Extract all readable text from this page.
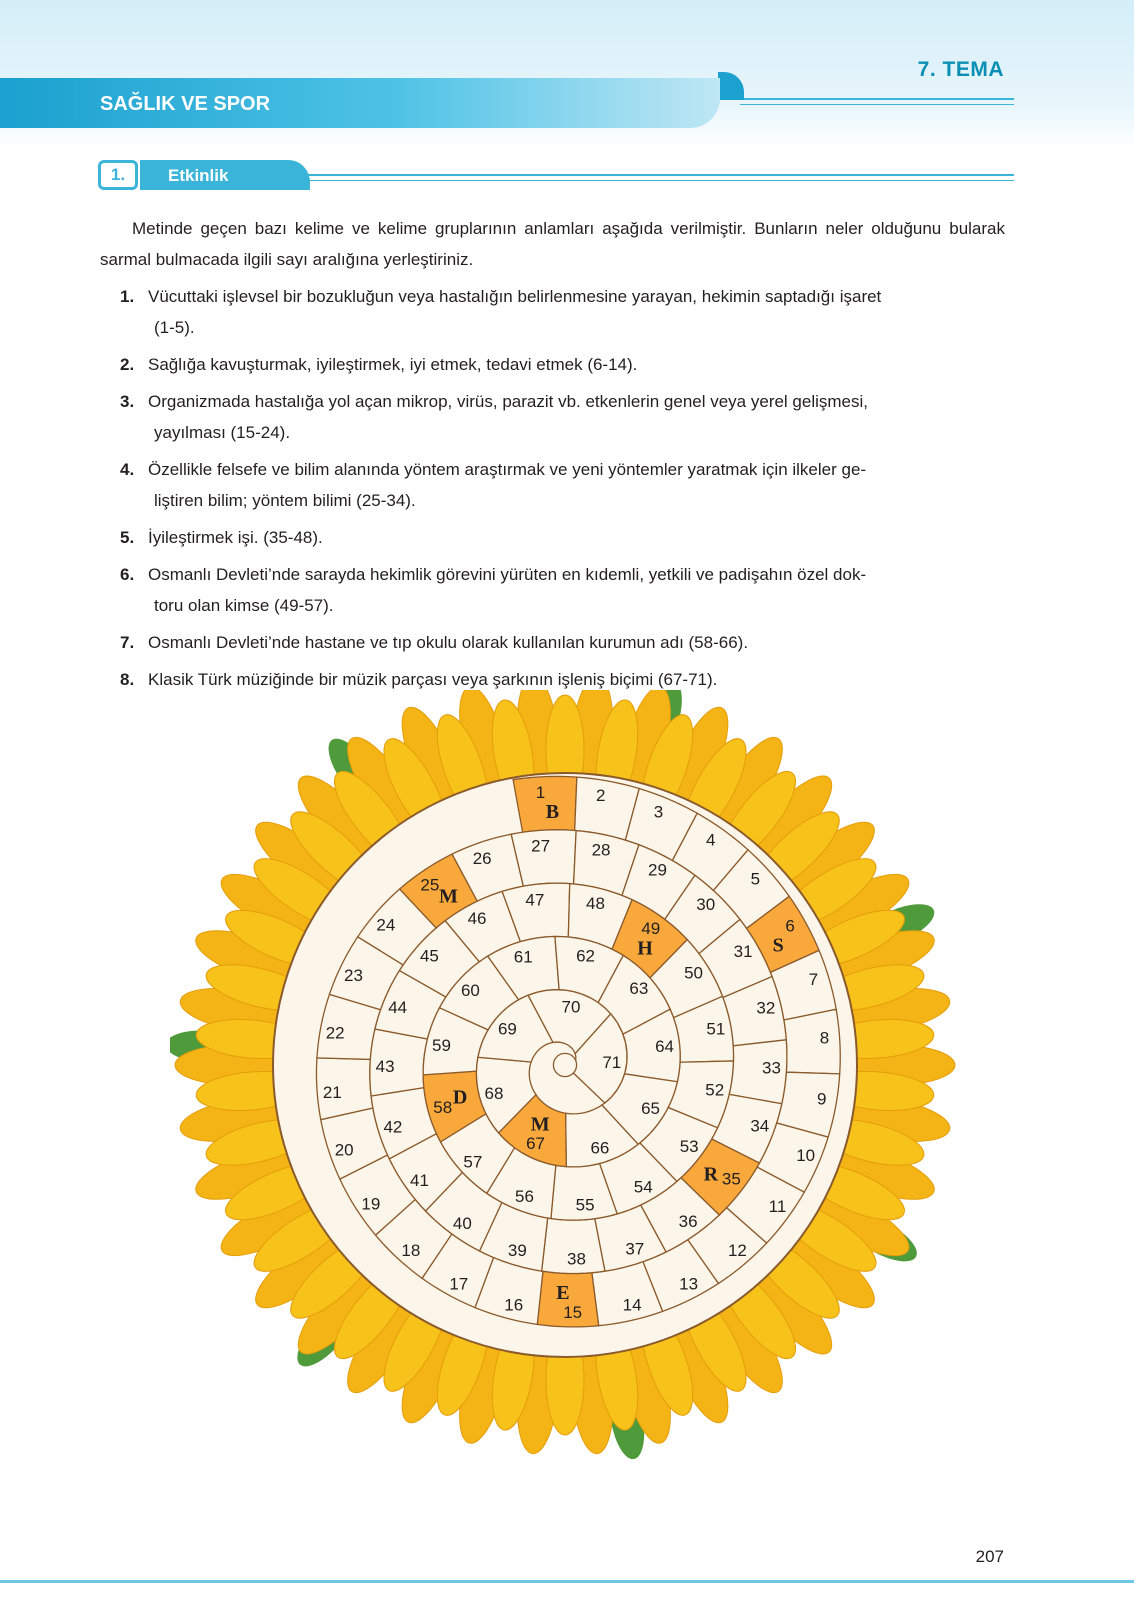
7. TEMA
SAĞLIK VE SPOR
1.	Etkinlik

Metinde geçen bazı kelime ve kelime gruplarının anlamları aşağıda verilmiştir. Bunların neler olduğunu bularak sarmal bulmacada ilgili sayı aralığına yerleştiriniz.

1. Vücuttaki işlevsel bir bozukluğun veya hastalığın belirlenmesine yarayan, hekimin saptadığı işaret
(1-5).
2. Sağlığa kavuşturmak, iyileştirmek, iyi etmek, tedavi etmek (6-14).
3. Organizmada hastalığa yol açan mikrop, virüs, parazit vb. etkenlerin genel veya yerel gelişmesi,
yayılması (15-24).
4. Özellikle felsefe ve bilim alanında yöntem araştırmak ve yeni yöntemler yaratmak için ilkeler ge-
liştiren bilim; yöntem bilimi (25-34).
5. İyileştirmek işi. (35-48).
6. Osmanlı Devleti’nde sarayda hekimlik görevini yürüten en kıdemli, yetkili ve padişahın özel dok-
toru olan kimse (49-57).
7. Osmanlı Devleti’nde hastane ve tıp okulu olarak kullanılan kurumun adı (58-66).
8. Klasik Türk müziğinde bir müzik parçası veya şarkının işleniş biçimi (67-71).
1
B
2
3
4
5
6
S
7
8
9
10
11
12
13
14
15
E
16
17
18
19
20
21
22
23
24
25
M
26
27 28
29
30
31
32
33
34
35
R
36
37
38
39
40
41
42
43
44
45
46
47 48
49
H
50
51
52
53
54
55
56
57
58 D
59
60
61	62
63
64
65
66
67
M
68
69
70
71
207
